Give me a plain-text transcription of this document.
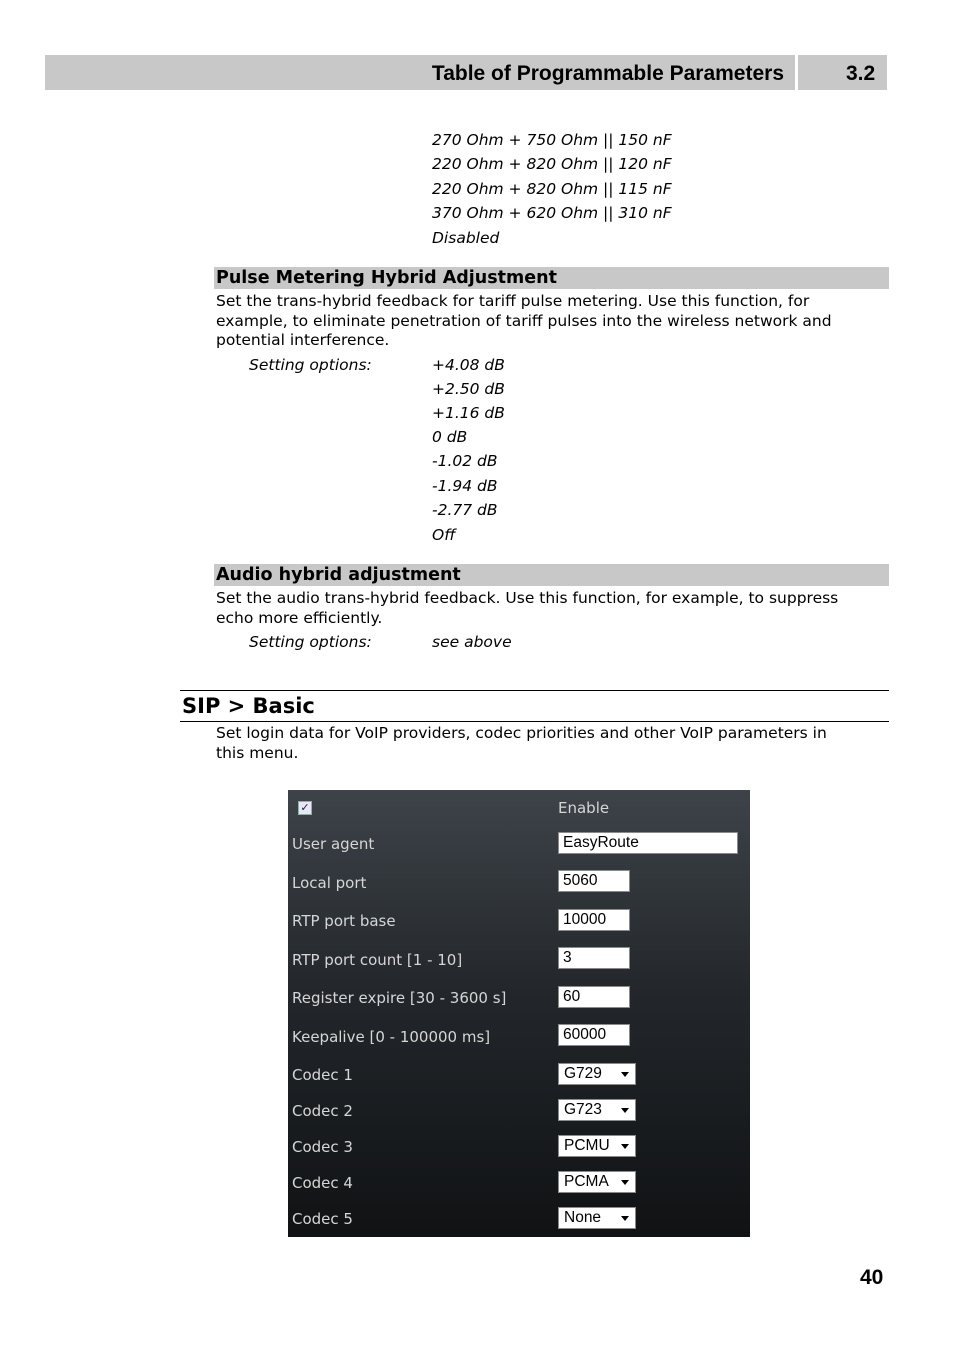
Table of Programmable Parameters	3.2
270 Ohm + 750 Ohm || 150 nF
220 Ohm + 820 Ohm || 120 nF
220 Ohm + 820 Ohm || 115 nF
370 Ohm + 620 Ohm || 310 nF
Disabled
Pulse Metering Hybrid Adjustment
Set the trans-hybrid feedback for tariff pulse metering. Use this function, for
example, to eliminate penetration of tariff pulses into the wireless network and
potential interference.
Setting options:	+4.08 dB
+2.50 dB
+1.16 dB
0 dB
-1.02 dB
-1.94 dB
-2.77 dB
Off
Audio hybrid adjustment
Set the audio trans-hybrid feedback. Use this function, for example, to suppress
echo more efficiently.
Setting options:	see above
SIP > Basic
Set login data for VoIP providers, codec priorities and other VoIP parameters in
this menu.
✓	Enable
User agent	EasyRoute
Local port	5060
RTP port base	10000
RTP port count [1 - 10]	3
Register expire [30 - 3600 s]	60
Keepalive [0 - 100000 ms]	60000
Codec 1	G729
Codec 2	G723
Codec 3	PCMU
Codec 4	PCMA
Codec 5	None
40
